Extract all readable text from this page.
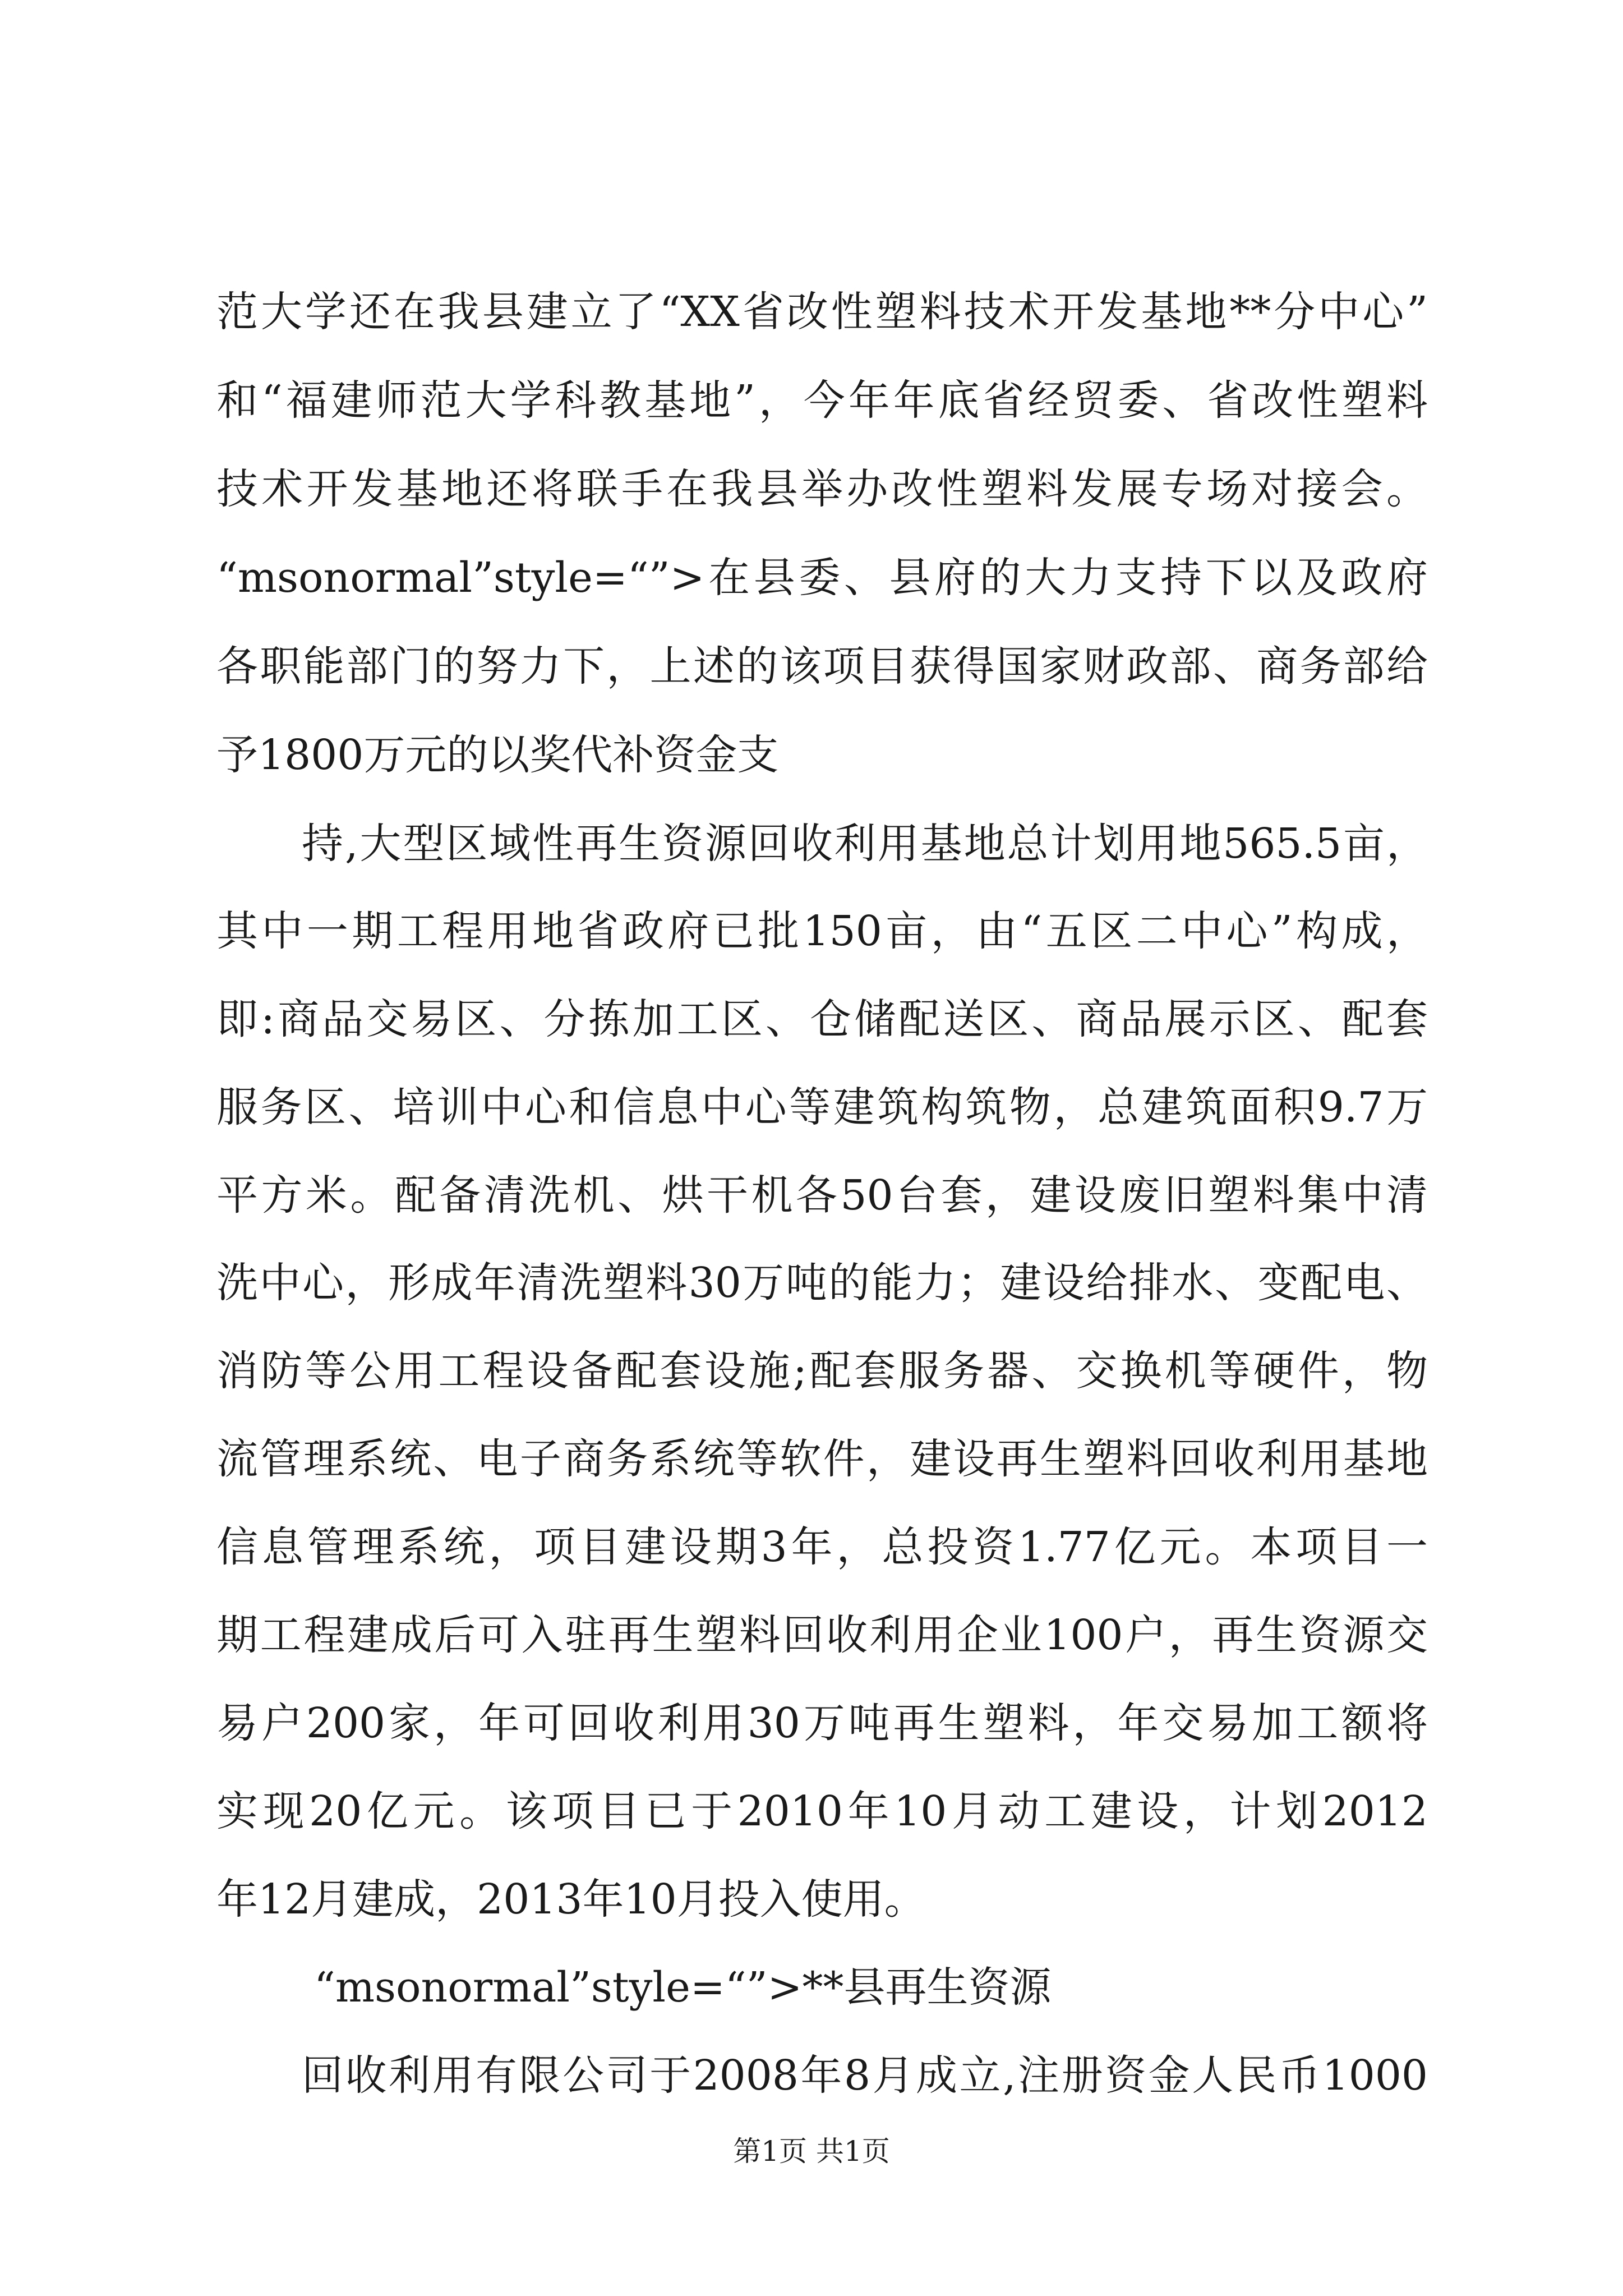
范大学还在我县建立了“XX省改性塑料技术开发基地**分中心”
和“福建师范大学科教基地”，今年年底省经贸委、省改性塑料
技术开发基地还将联手在我县举办改性塑料发展专场对接会。
“msonormal”style=“”>在县委、县府的大力支持下以及政府
各职能部门的努力下，上述的该项目获得国家财政部、商务部给
予1800万元的以奖代补资金支
持,大型区域性再生资源回收利用基地总计划用地565.5亩，
其中一期工程用地省政府已批150亩，由“五区二中心”构成，
即:商品交易区、分拣加工区、仓储配送区、商品展示区、配套
服务区、培训中心和信息中心等建筑构筑物，总建筑面积9.7万
平方米。配备清洗机、烘干机各50台套，建设废旧塑料集中清
洗中心，形成年清洗塑料30万吨的能力；建设给排水、变配电、
消防等公用工程设备配套设施;配套服务器、交换机等硬件，物
流管理系统、电子商务系统等软件，建设再生塑料回收利用基地
信息管理系统，项目建设期3年，总投资1.77亿元。本项目一
期工程建成后可入驻再生塑料回收利用企业100户，再生资源交
易户200家，年可回收利用30万吨再生塑料，年交易加工额将
实现20亿元。该项目已于2010年10月动工建设，计划2012
年12月建成，2013年10月投入使用。
“msonormal”style=“”>**县再生资源
回收利用有限公司于2008年8月成立,注册资金人民币1000
第1页 共1页
